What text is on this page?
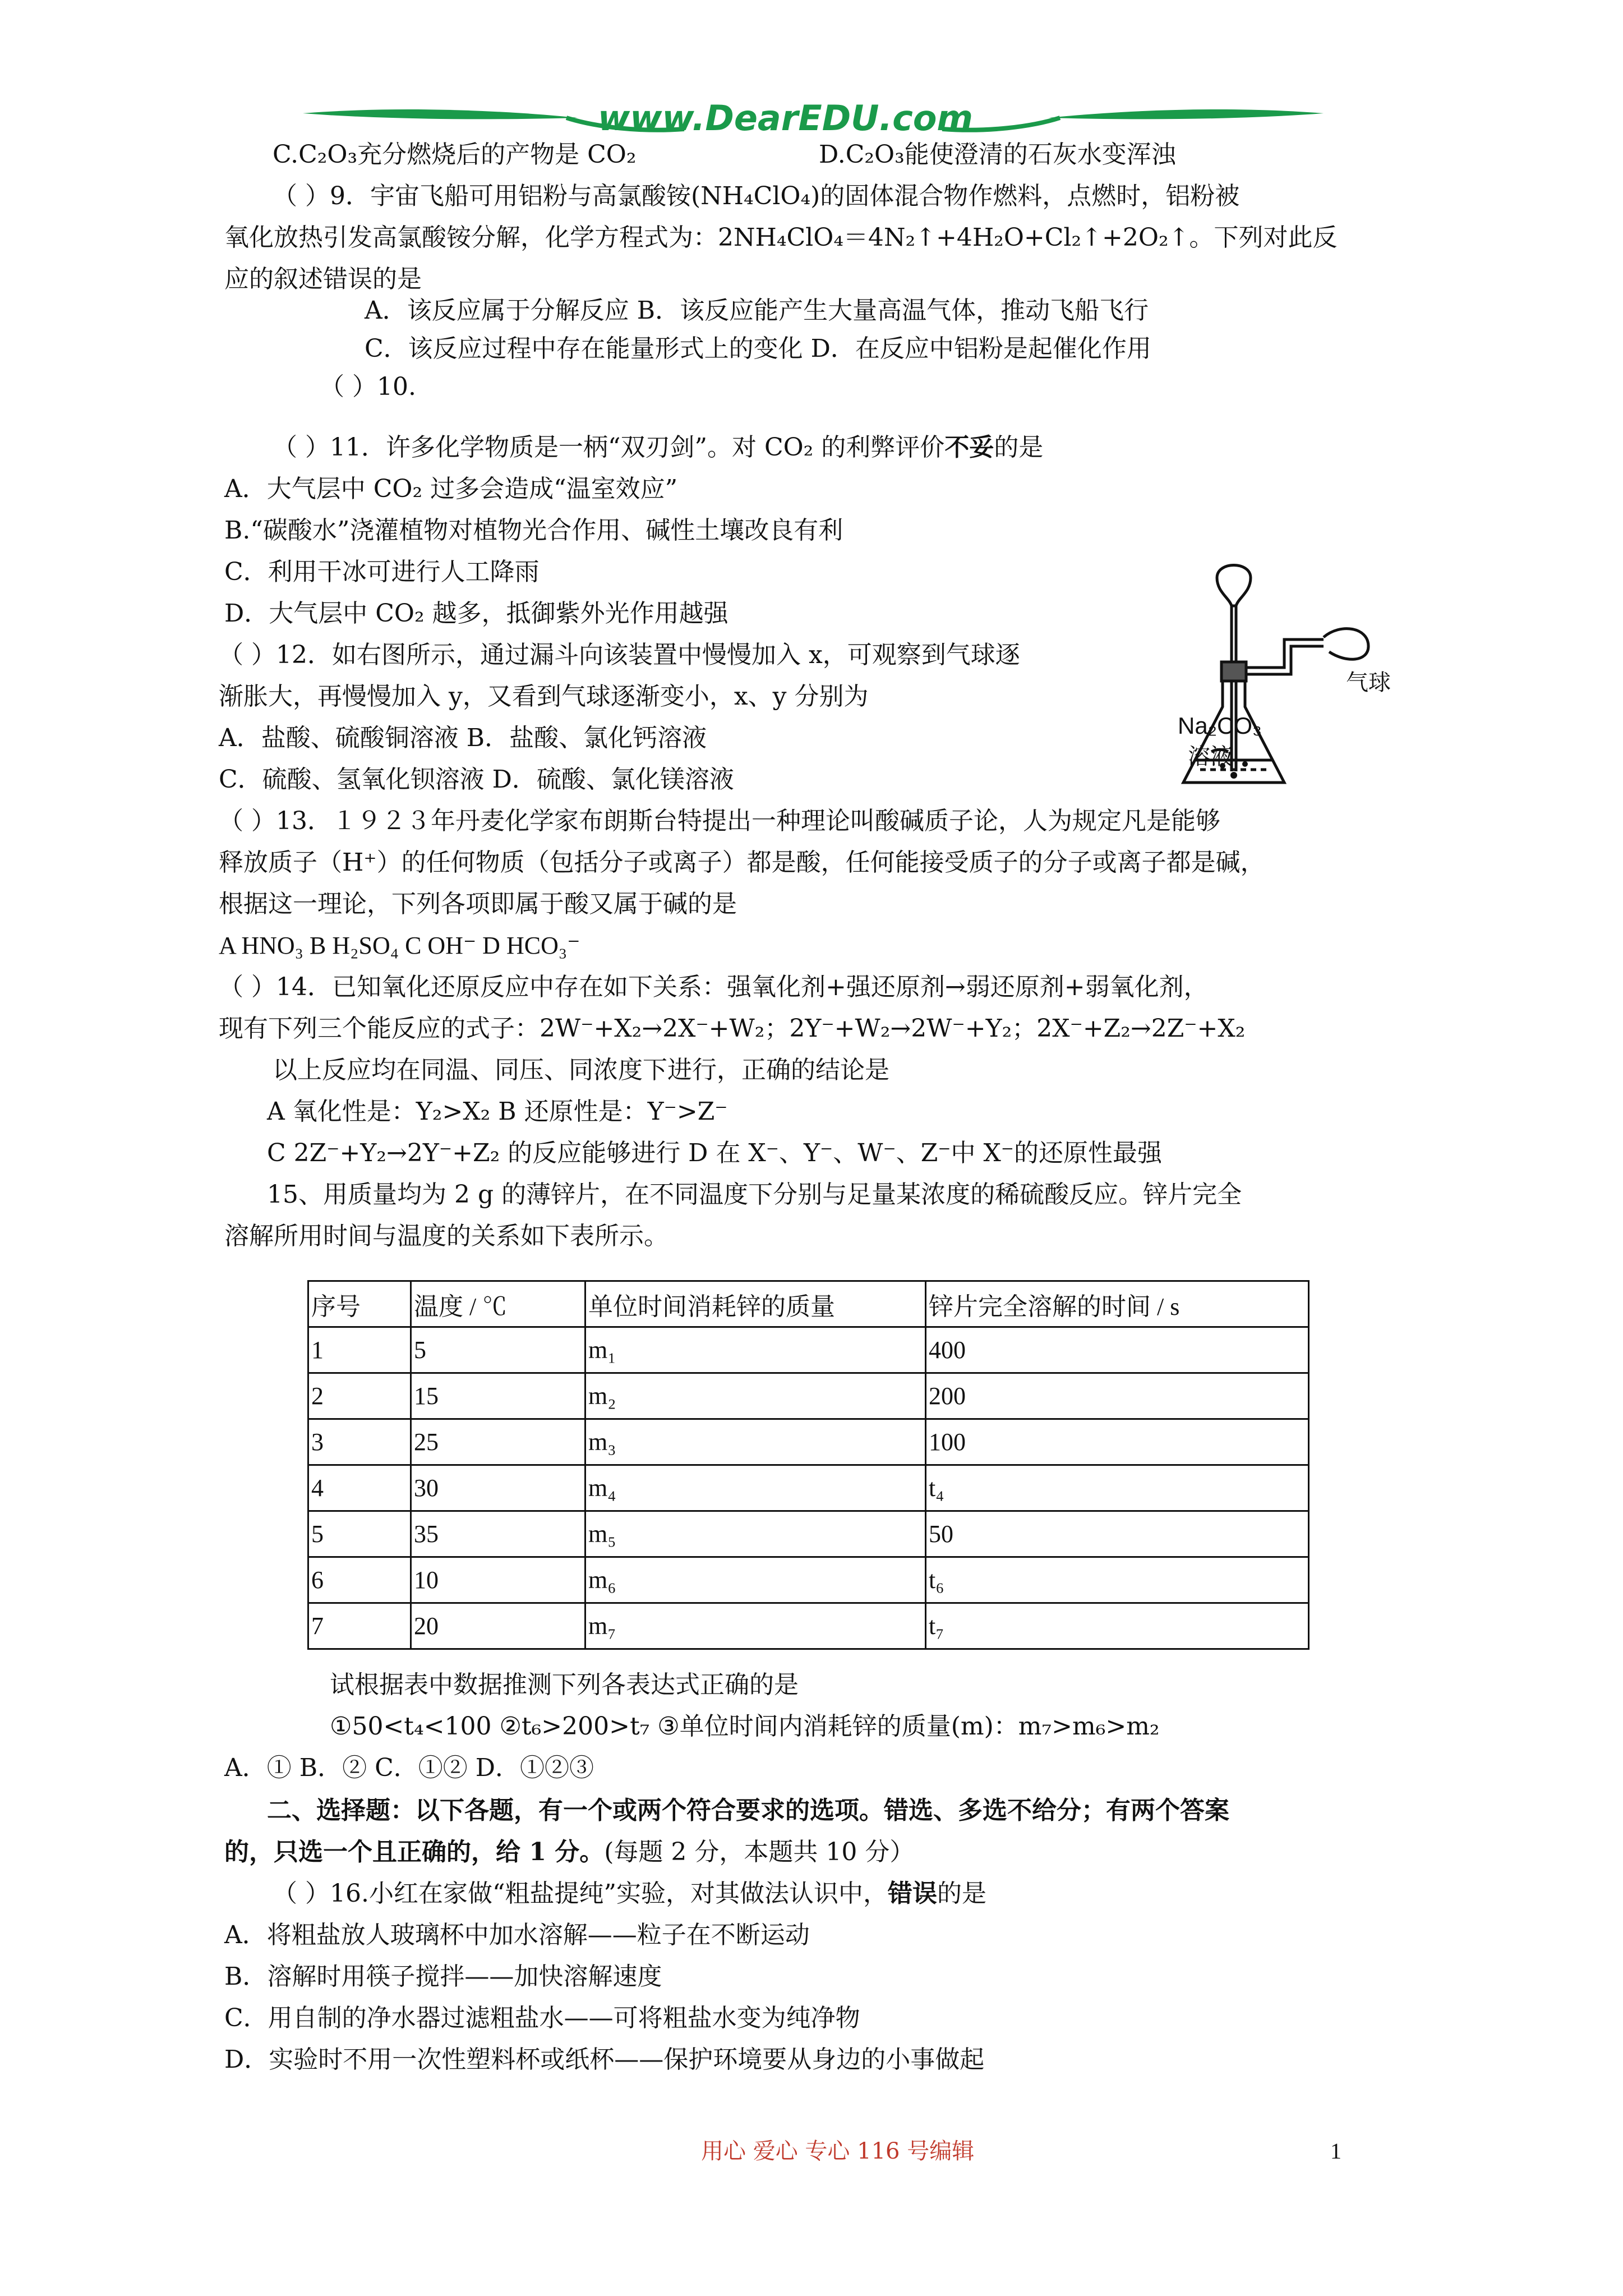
www.DearEDU.com
C.C₂O₃充分燃烧后的产物是 CO₂	D.C₂O₃能使澄清的石灰水变浑浊
（ ）9．宇宙飞船可用铝粉与高氯酸铵(NH₄ClO₄)的固体混合物作燃料，点燃时，铝粉被
氧化放热引发高氯酸铵分解，化学方程式为：2NH₄ClO₄＝4N₂↑+4H₂O+Cl₂↑+2O₂↑。下列对此反
应的叙述错误的是
A．该反应属于分解反应 B．该反应能产生大量高温气体，推动飞船飞行
C．该反应过程中存在能量形式上的变化 D．在反应中铝粉是起催化作用
（ ）10.
（ ）11．许多化学物质是一柄“双刃剑”。对 CO₂ 的利弊评价不妥的是
A．大气层中 CO₂ 过多会造成“温室效应”
B.“碳酸水”浇灌植物对植物光合作用、碱性土壤改良有利
C．利用干冰可进行人工降雨
D．大气层中 CO₂ 越多，抵御紫外光作用越强
（ ）12．如右图所示，通过漏斗向该装置中慢慢加入 x，可观察到气球逐
渐胀大，再慢慢加入 y，又看到气球逐渐变小，x、y 分别为
A．盐酸、硫酸铜溶液 B．盐酸、氯化钙溶液
C．硫酸、氢氧化钡溶液 D．硫酸、氯化镁溶液
Na₂CO₃
溶液
气球
（ ）13．１９２３年丹麦化学家布朗斯台特提出一种理论叫酸碱质子论，人为规定凡是能够
释放质子（H⁺）的任何物质（包括分子或离子）都是酸，任何能接受质子的分子或离子都是碱，
根据这一理论，下列各项即属于酸又属于碱的是
A HNO₃ B H₂SO₄ C OH⁻ D HCO₃⁻
（ ）14．已知氧化还原反应中存在如下关系：强氧化剂+强还原剂→弱还原剂+弱氧化剂，
现有下列三个能反应的式子：2W⁻+X₂→2X⁻+W₂；2Y⁻+W₂→2W⁻+Y₂；2X⁻+Z₂→2Z⁻+X₂
以上反应均在同温、同压、同浓度下进行，正确的结论是
A 氧化性是：Y₂>X₂ B 还原性是：Y⁻>Z⁻
C 2Z⁻+Y₂→2Y⁻+Z₂ 的反应能够进行 D 在 X⁻、Y⁻、W⁻、Z⁻中 X⁻的还原性最强
15、用质量均为 2 g 的薄锌片，在不同温度下分别与足量某浓度的稀硫酸反应。锌片完全
溶解所用时间与温度的关系如下表所示。
序号	温度 / ℃	单位时间消耗锌的质量	锌片完全溶解的时间 / s
1	5	m₁	400
2	15	m₂	200
3	25	m₃	100
4	30	m₄	t₄
5	35	m₅	50
6	10	m₆	t₆
7	20	m₇	t₇
试根据表中数据推测下列各表达式正确的是
①50<t₄<100 ②t₆>200>t₇ ③单位时间内消耗锌的质量(m)：m₇>m₆>m₂
A．① B．② C．①② D．①②③
二、选择题：以下各题，有一个或两个符合要求的选项。错选、多选不给分；有两个答案
的，只选一个且正确的，给 1 分。(每题 2 分，本题共 10 分）
（ ）16.小红在家做“粗盐提纯”实验，对其做法认识中，错误的是
A．将粗盐放人玻璃杯中加水溶解——粒子在不断运动
B．溶解时用筷子搅拌——加快溶解速度
C．用自制的净水器过滤粗盐水——可将粗盐水变为纯净物
D．实验时不用一次性塑料杯或纸杯——保护环境要从身边的小事做起
用心 爱心 专心 116 号编辑	1
